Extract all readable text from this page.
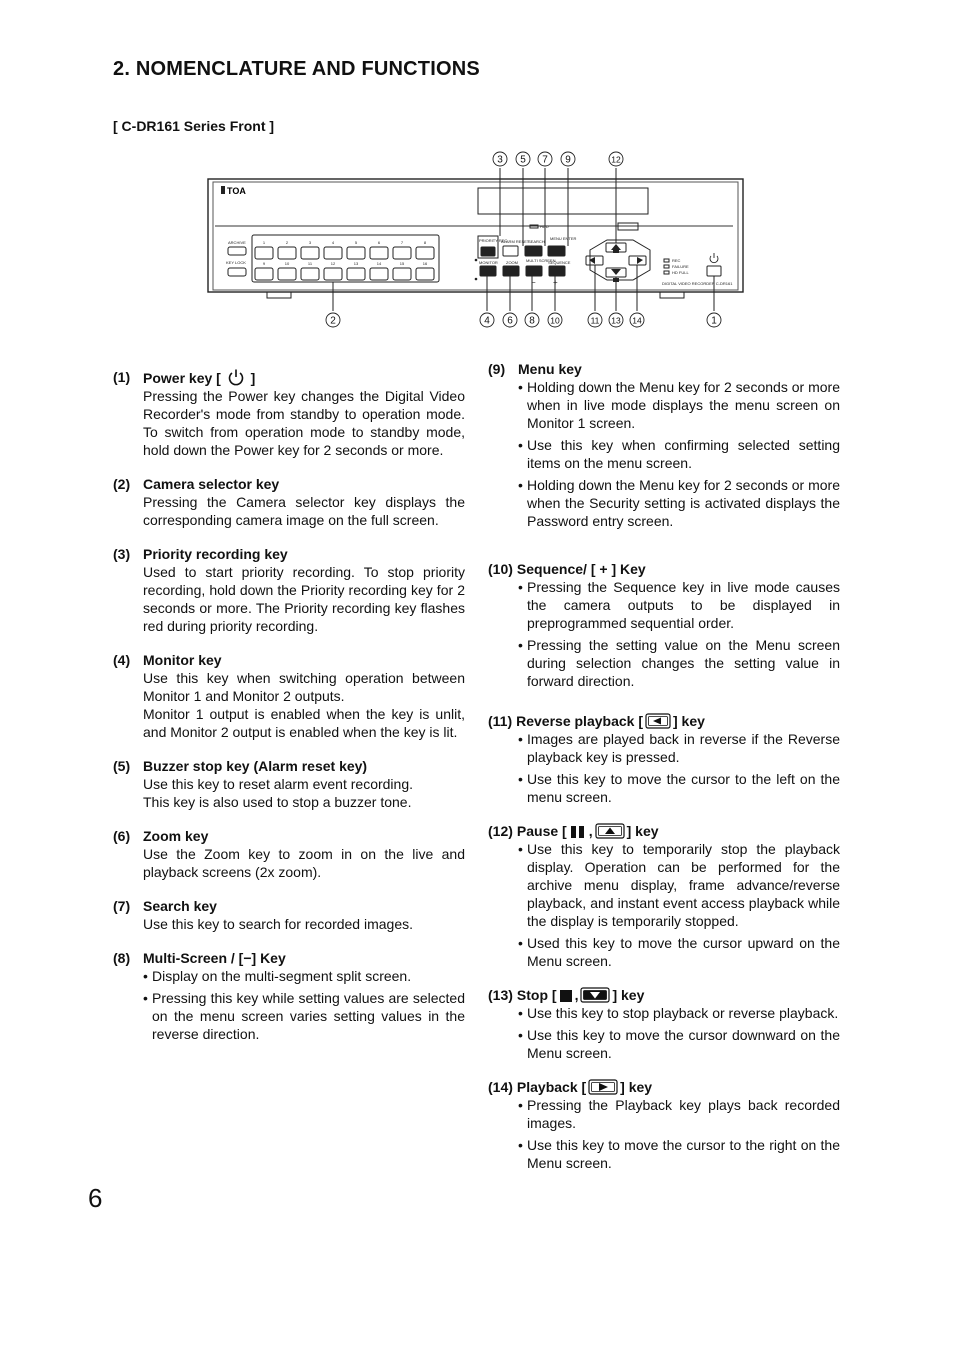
2. NOMENCLATURE AND FUNCTIONS
[ C-DR161 Series Front ]
1	2	3	4	5	6	7	8
9	10	11	12	13	14	15	16
TOA
ARCHIVE
KEY LOCK
HDD
PRIORITY REC
ALARM RESET
SEARCH
MENU ENTER
MONITOR ZOOM MULTI SCREEN
SEQUENCE	REC
FAILURE
HD FULL
DIGITAL VIDEO RECORDER C-DR161
− +
3 5 7 9	12
2	4 6 8 10	11 13 14	1
(1) Power key [ ]
Pressing the Power key changes the Digital Video Recorder's mode from standby to operation mode. To switch from operation mode to standby mode, hold down the Power key for 2 seconds or more.
(2) Camera selector key
Pressing the Camera selector key displays the corresponding camera image on the full screen.
(3) Priority recording key
Used to start priority recording. To stop priority recording, hold down the Priority recording key for 2 seconds or more. The Priority recording key flashes red during priority recording.
(4) Monitor key
Use this key when switching operation between Monitor 1 and Monitor 2 outputs.
Monitor 1 output is enabled when the key is unlit, and Monitor 2 output is enabled when the key is lit.
(5) Buzzer stop key (Alarm reset key)
Use this key to reset alarm event recording.
This key is also used to stop a buzzer tone.
(6) Zoom key
Use the Zoom key to zoom in on the live and playback screens (2x zoom).
(7) Search key
Use this key to search for recorded images.
(8) Multi-Screen / [−] Key
• Display on the multi-segment split screen.
• Pressing this key while setting values are selected on the menu screen varies setting values in the reverse direction.
(9) Menu key
• Holding down the Menu key for 2 seconds or more when in live mode displays the menu screen on Monitor 1 screen.
• Use this key when confirming selected setting items on the menu screen.
• Holding down the Menu key for 2 seconds or more when the Security setting is activated displays the Password entry screen.
(10) Sequence/ [ + ] Key
• Pressing the Sequence key in live mode causes the camera outputs to be displayed in preprogrammed sequential order.
• Pressing the setting value on the Menu screen during selection changes the setting value in forward direction.
(11) Reverse playback [ ] key
• Images are played back in reverse if the Reverse playback key is pressed.
• Use this key to move the cursor to the left on the menu screen.
(12) Pause [ , ] key
• Use this key to temporarily stop the playback display. Operation can be performed for the archive menu display, frame advance/reverse playback, and instant event access playback while the display is temporarily stopped.
• Used this key to move the cursor upward on the Menu screen.
(13) Stop [ , ] key
• Use this key to stop playback or reverse playback.
• Use this key to move the cursor downward on the Menu screen.
(14) Playback [ ] key
• Pressing the Playback key plays back recorded images.
• Use this key to move the cursor to the right on the Menu screen.
6
